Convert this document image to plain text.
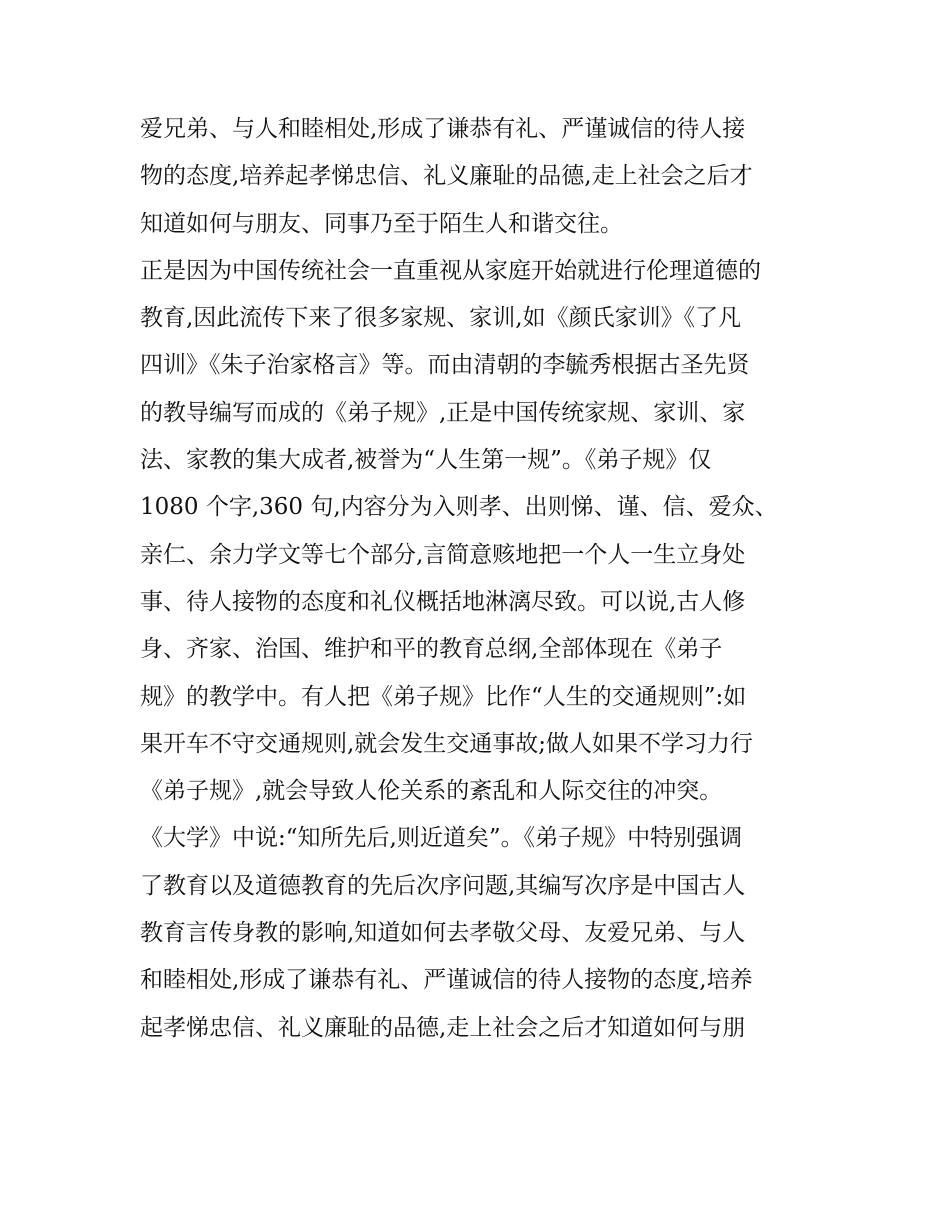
爱兄弟、与人和睦相处,形成了谦恭有礼、严谨诚信的待人接
物的态度,培养起孝悌忠信、礼义廉耻的品德,走上社会之后才
知道如何与朋友、同事乃至于陌生人和谐交往。
正是因为中国传统社会一直重视从家庭开始就进行伦理道德的
教育,因此流传下来了很多家规、家训,如《颜氏家训》《了凡
四训》《朱子治家格言》等。而由清朝的李毓秀根据古圣先贤
的教导编写而成的《弟子规》,正是中国传统家规、家训、家
法、家教的集大成者,被誉为“人生第一规”。《弟子规》仅
1080 个字,360 句,内容分为入则孝、出则悌、谨、信、爱众、
亲仁、余力学文等七个部分,言简意赅地把一个人一生立身处
事、待人接物的态度和礼仪概括地淋漓尽致。可以说,古人修
身、齐家、治国、维护和平的教育总纲,全部体现在《弟子
规》的教学中。有人把《弟子规》比作“人生的交通规则”:如
果开车不守交通规则,就会发生交通事故;做人如果不学习力行
《弟子规》,就会导致人伦关系的紊乱和人际交往的冲突。
《大学》中说:“知所先后,则近道矣”。《弟子规》中特别强调
了教育以及道德教育的先后次序问题,其编写次序是中国古人
教育言传身教的影响,知道如何去孝敬父母、友爱兄弟、与人
和睦相处,形成了谦恭有礼、严谨诚信的待人接物的态度,培养
起孝悌忠信、礼义廉耻的品德,走上社会之后才知道如何与朋
